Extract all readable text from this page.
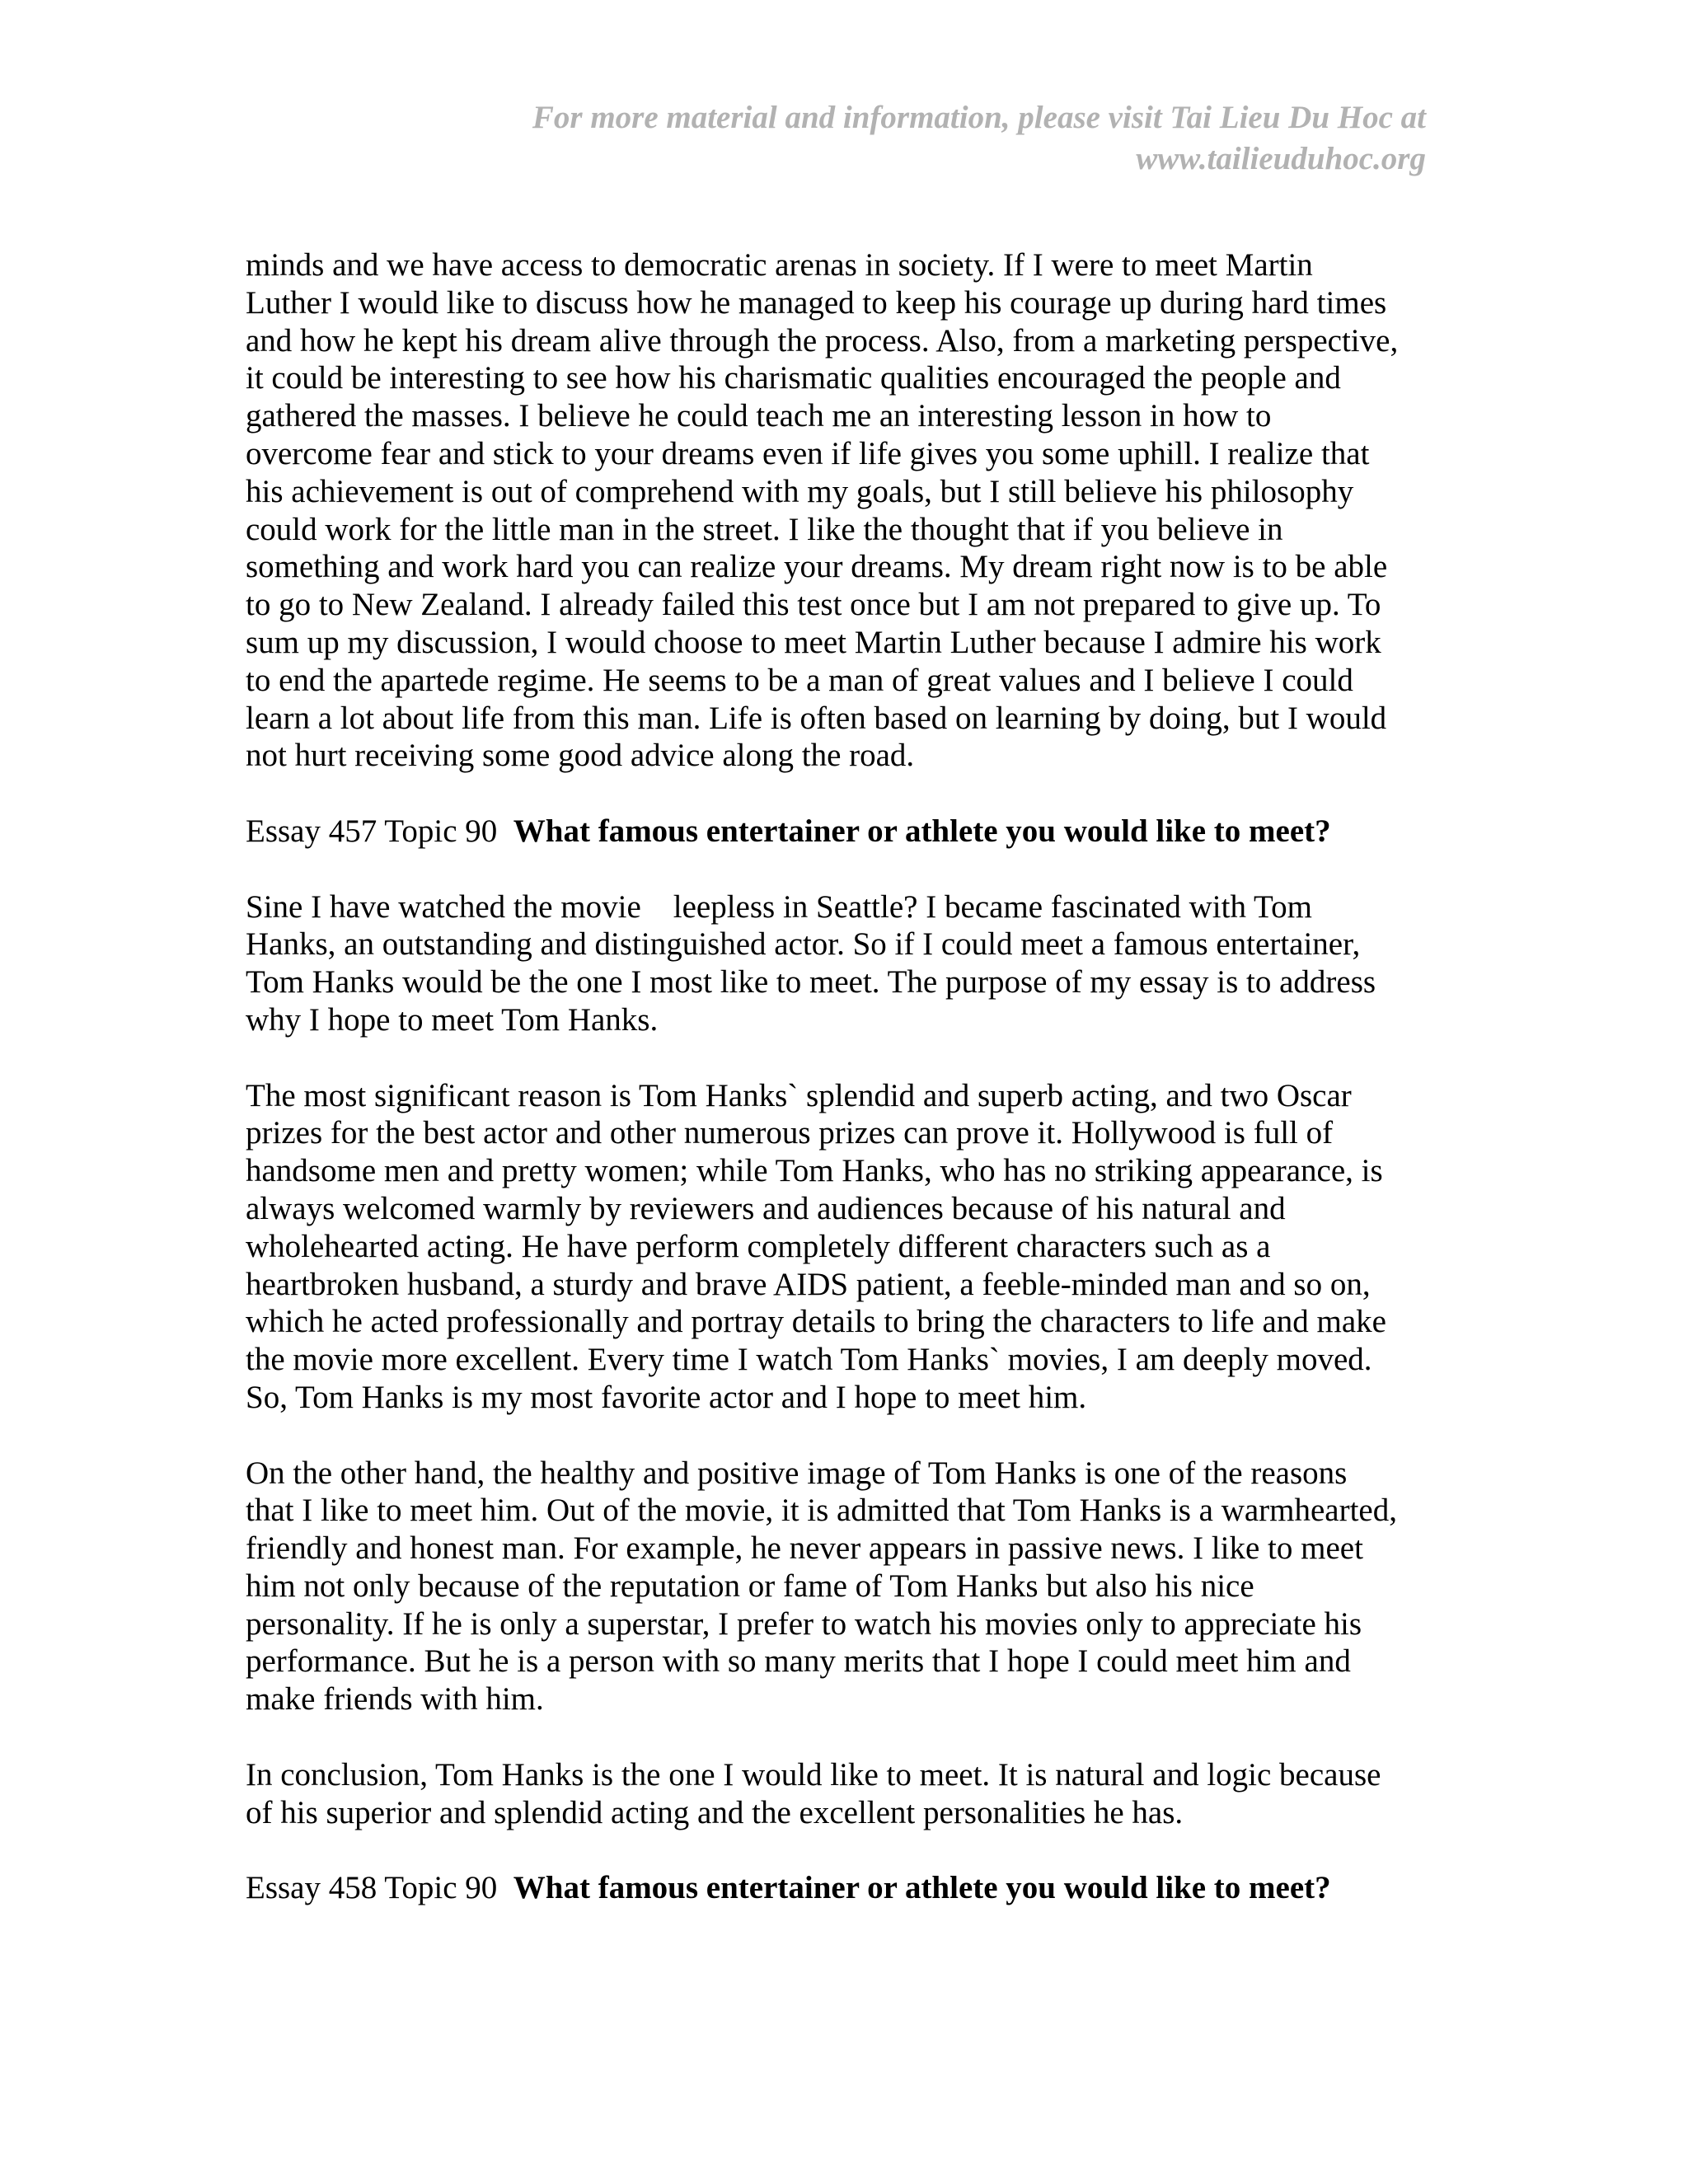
For more material and information, please visit Tai Lieu Du Hoc at
www.tailieuduhoc.org

minds and we have access to democratic arenas in society. If I were to meet Martin
Luther I would like to discuss how he managed to keep his courage up during hard times
and how he kept his dream alive through the process. Also, from a marketing perspective,
it could be interesting to see how his charismatic qualities encouraged the people and
gathered the masses. I believe he could teach me an interesting lesson in how to
overcome fear and stick to your dreams even if life gives you some uphill. I realize that
his achievement is out of comprehend with my goals, but I still believe his philosophy
could work for the little man in the street. I like the thought that if you believe in
something and work hard you can realize your dreams. My dream right now is to be able
to go to New Zealand. I already failed this test once but I am not prepared to give up. To
sum up my discussion, I would choose to meet Martin Luther because I admire his work
to end the apartede regime. He seems to be a man of great values and I believe I could
learn a lot about life from this man. Life is often based on learning by doing, but I would
not hurt receiving some good advice along the road.

Essay 457 Topic 90 What famous entertainer or athlete you would like to meet?

Sine I have watched the movie    leepless in Seattle? I became fascinated with Tom
Hanks, an outstanding and distinguished actor. So if I could meet a famous entertainer,
Tom Hanks would be the one I most like to meet. The purpose of my essay is to address
why I hope to meet Tom Hanks.

The most significant reason is Tom Hanks` splendid and superb acting, and two Oscar
prizes for the best actor and other numerous prizes can prove it. Hollywood is full of
handsome men and pretty women; while Tom Hanks, who has no striking appearance, is
always welcomed warmly by reviewers and audiences because of his natural and
wholehearted acting. He have perform completely different characters such as a
heartbroken husband, a sturdy and brave AIDS patient, a feeble-minded man and so on,
which he acted professionally and portray details to bring the characters to life and make
the movie more excellent. Every time I watch Tom Hanks` movies, I am deeply moved.
So, Tom Hanks is my most favorite actor and I hope to meet him.

On the other hand, the healthy and positive image of Tom Hanks is one of the reasons
that I like to meet him. Out of the movie, it is admitted that Tom Hanks is a warmhearted,
friendly and honest man. For example, he never appears in passive news. I like to meet
him not only because of the reputation or fame of Tom Hanks but also his nice
personality. If he is only a superstar, I prefer to watch his movies only to appreciate his
performance. But he is a person with so many merits that I hope I could meet him and
make friends with him.

In conclusion, Tom Hanks is the one I would like to meet. It is natural and logic because
of his superior and splendid acting and the excellent personalities he has.

Essay 458 Topic 90 What famous entertainer or athlete you would like to meet?
